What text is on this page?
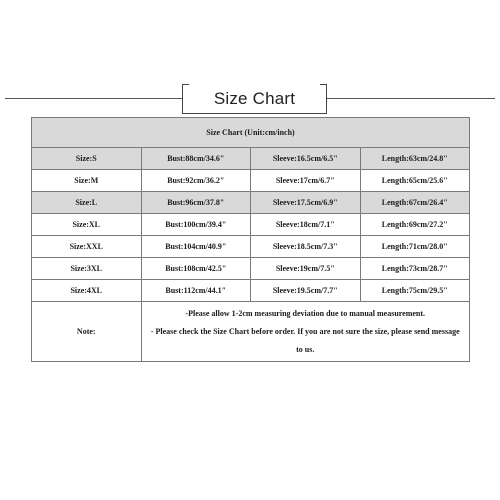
Size Chart
Size Chart (Unit:cm/inch)			
Size:S	Bust:88cm/34.6"	Sleeve:16.5cm/6.5"	Length:63cm/24.8"
Size:M	Bust:92cm/36.2"	Sleeve:17cm/6.7"	Length:65cm/25.6"
Size:L	Bust:96cm/37.8"	Sleeve:17.5cm/6.9"	Length:67cm/26.4"
Size:XL	Bust:100cm/39.4"	Sleeve:18cm/7.1"	Length:69cm/27.2"
Size:XXL	Bust:104cm/40.9"	Sleeve:18.5cm/7.3"	Length:71cm/28.0"
Size:3XL	Bust:108cm/42.5"	Sleeve:19cm/7.5"	Length:73cm/28.7"
Size:4XL	Bust:112cm/44.1"	Sleeve:19.5cm/7.7"	Length:75cm/29.5"
Note:	-Please allow 1-2cm measuring deviation due to manual measurement.
- Please check the Size Chart before order. If you are not sure the size, please send message to us.		
